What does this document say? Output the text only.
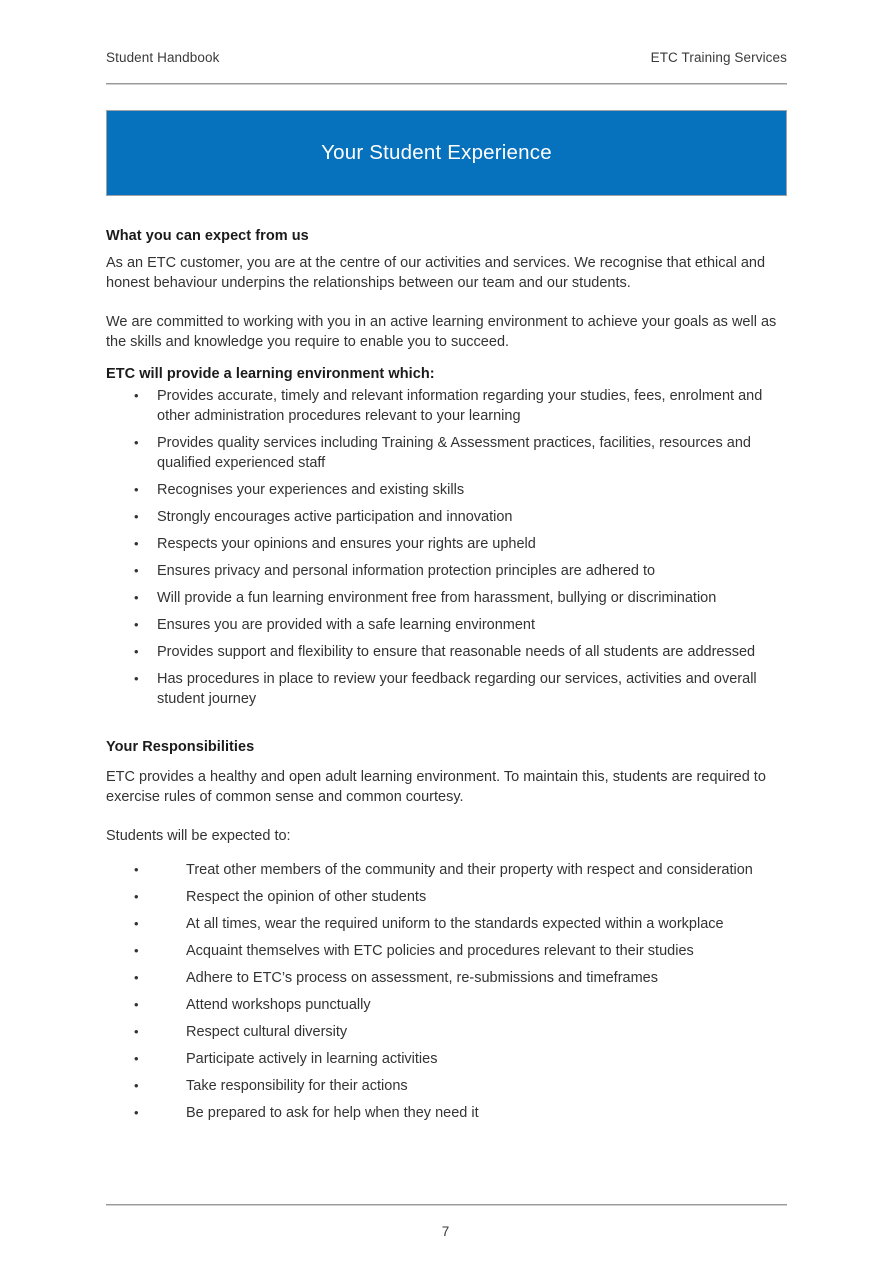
Student Handbook	ETC Training Services
Your Student Experience
What you can expect from us

As an ETC customer, you are at the centre of our activities and services. We recognise that ethical and honest behaviour underpins the relationships between our team and our students.

We are committed to working with you in an active learning environment to achieve your goals as well as the skills and knowledge you require to enable you to succeed.

ETC will provide a learning environment which:
• Provides accurate, timely and relevant information regarding your studies, fees, enrolment and other administration procedures relevant to your learning
• Provides quality services including Training & Assessment practices, facilities, resources and qualified experienced staff
• Recognises your experiences and existing skills
• Strongly encourages active participation and innovation
• Respects your opinions and ensures your rights are upheld
• Ensures privacy and personal information protection principles are adhered to
• Will provide a fun learning environment free from harassment, bullying or discrimination
• Ensures you are provided with a safe learning environment
• Provides support and flexibility to ensure that reasonable needs of all students are addressed
• Has procedures in place to review your feedback regarding our services, activities and overall student journey
Your Responsibilities

ETC provides a healthy and open adult learning environment. To maintain this, students are required to exercise rules of common sense and common courtesy.

Students will be expected to:

• Treat other members of the community and their property with respect and consideration
• Respect the opinion of other students
• At all times, wear the required uniform to the standards expected within a workplace
• Acquaint themselves with ETC policies and procedures relevant to their studies
• Adhere to ETC’s process on assessment, re-submissions and timeframes
• Attend workshops punctually
• Respect cultural diversity
• Participate actively in learning activities
• Take responsibility for their actions
• Be prepared to ask for help when they need it
7
